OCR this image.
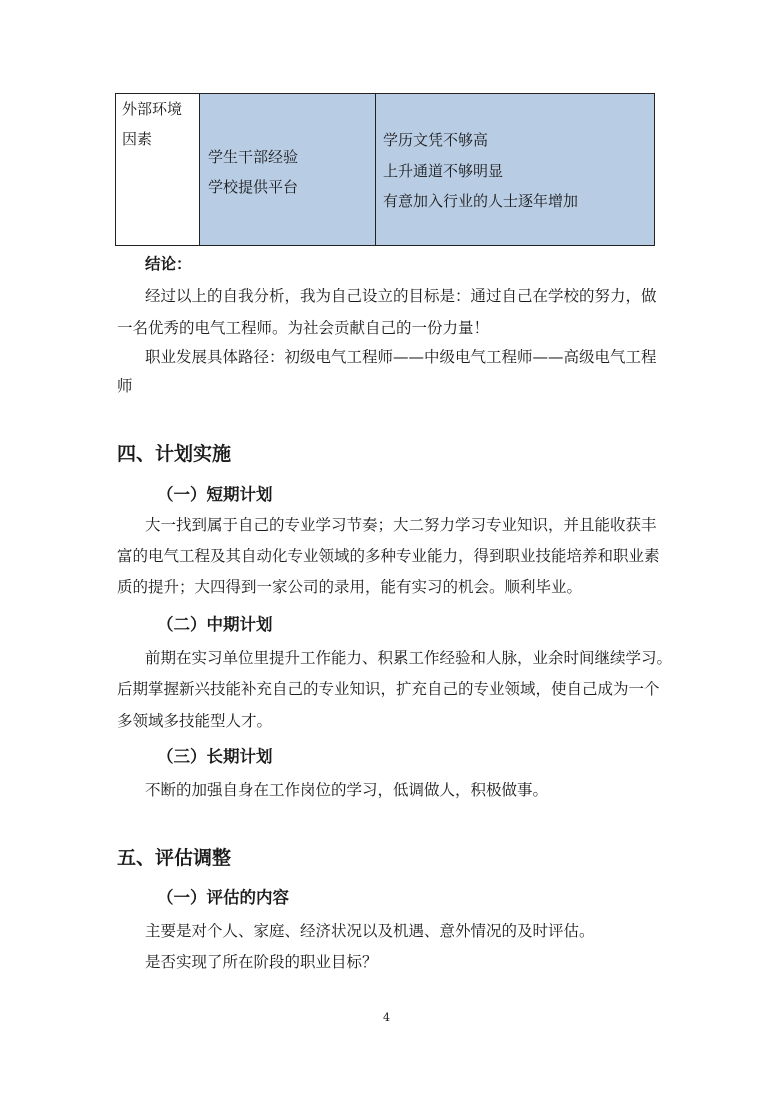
外部环境
因素
学生干部经验
学校提供平台
学历文凭不够高
上升通道不够明显
有意加入行业的人士逐年增加
结论：
经过以上的自我分析，我为自己设立的目标是：通过自己在学校的努力，做
一名优秀的电气工程师。为社会贡献自己的一份力量！
职业发展具体路径：初级电气工程师——中级电气工程师——高级电气工程
师
四、计划实施
（一）短期计划
大一找到属于自己的专业学习节奏；大二努力学习专业知识，并且能收获丰
富的电气工程及其自动化专业领域的多种专业能力，得到职业技能培养和职业素
质的提升；大四得到一家公司的录用，能有实习的机会。顺利毕业。
（二）中期计划
前期在实习单位里提升工作能力、积累工作经验和人脉，业余时间继续学习。
后期掌握新兴技能补充自己的专业知识，扩充自己的专业领域，使自己成为一个
多领域多技能型人才。
（三）长期计划
不断的加强自身在工作岗位的学习，低调做人，积极做事。
五、评估调整
（一）评估的内容
主要是对个人、家庭、经济状况以及机遇、意外情况的及时评估。
是否实现了所在阶段的职业目标？
4
